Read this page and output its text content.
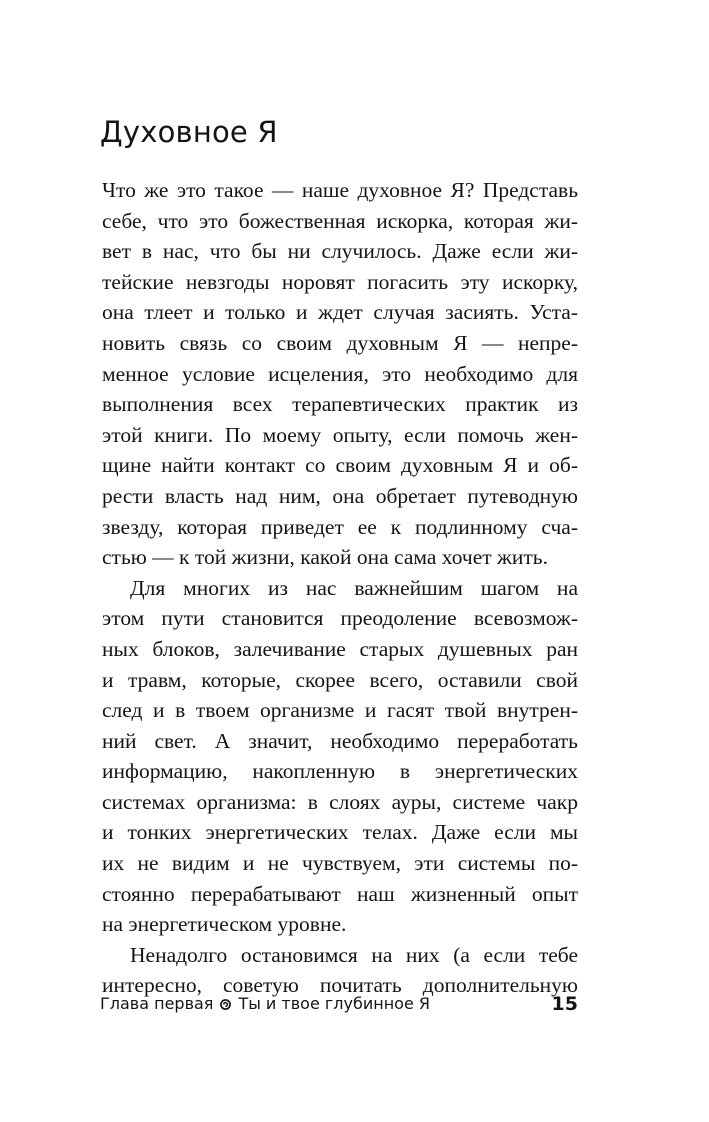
Духовное Я
Что же это такое — наше духовное Я? Представь
себе, что это божественная искорка, которая жи-
вет в нас, что бы ни случилось. Даже если жи-
тейские невзгоды норовят погасить эту искорку,
она тлеет и только и ждет случая засиять. Уста-
новить связь со своим духовным Я — непре-
менное условие исцеления, это необходимо для
выполнения всех терапевтических практик из
этой книги. По моему опыту, если помочь жен-
щине найти контакт со своим духовным Я и об-
рести власть над ним, она обретает путеводную
звезду, которая приведет ее к подлинному сча-
стью — к той жизни, какой она сама хочет жить.
Для многих из нас важнейшим шагом на
этом пути становится преодоление всевозмож-
ных блоков, залечивание старых душевных ран
и травм, которые, скорее всего, оставили свой
след и в твоем организме и гасят твой внутрен-
ний свет. А значит, необходимо переработать
информацию, накопленную в энергетических
системах организма: в слоях ауры, системе чакр
и тонких энергетических телах. Даже если мы
их не видим и не чувствуем, эти системы по-
стоянно перерабатывают наш жизненный опыт
на энергетическом уровне.
Ненадолго остановимся на них (а если тебе
интересно, советую почитать дополнительную
Глава первая Ты и твое глубинное Я	15
